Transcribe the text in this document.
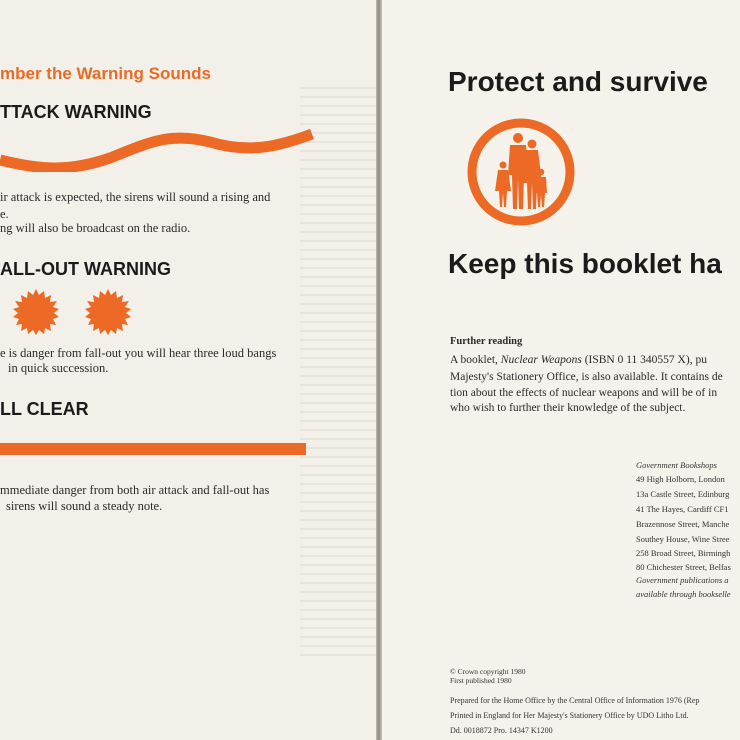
mber the Warning Sounds
TTACK WARNING
ir attack is expected, the sirens will sound a rising and
e.
ng will also be broadcast on the radio.
ALL-OUT WARNING
e is danger from fall-out you will hear three loud bangs
in quick succession.
LL CLEAR
mmediate danger from both air attack and fall-out has
sirens will sound a steady note.
Protect and survive
Keep this booklet ha
Further reading
A booklet, Nuclear Weapons (ISBN 0 11 340557 X), pu
Majesty's Stationery Office, is also available. It contains de
tion about the effects of nuclear weapons and will be of in
who wish to further their knowledge of the subject.
Government Bookshops
49 High Holborn, London
13a Castle Street, Edinburg
41 The Hayes, Cardiff CF1
Brazennose Street, Manche
Southey House, Wine Stree
258 Broad Street, Birmingh
80 Chichester Street, Belfas
Government publications a
available through bookselle
© Crown copyright 1980
First published 1980
Prepared for the Home Office by the Central Office of Information 1976 (Rep
Printed in England for Her Majesty's Stationery Office by UDO Litho Ltd.
Dd. 0018872 Pro. 14347 K1200
